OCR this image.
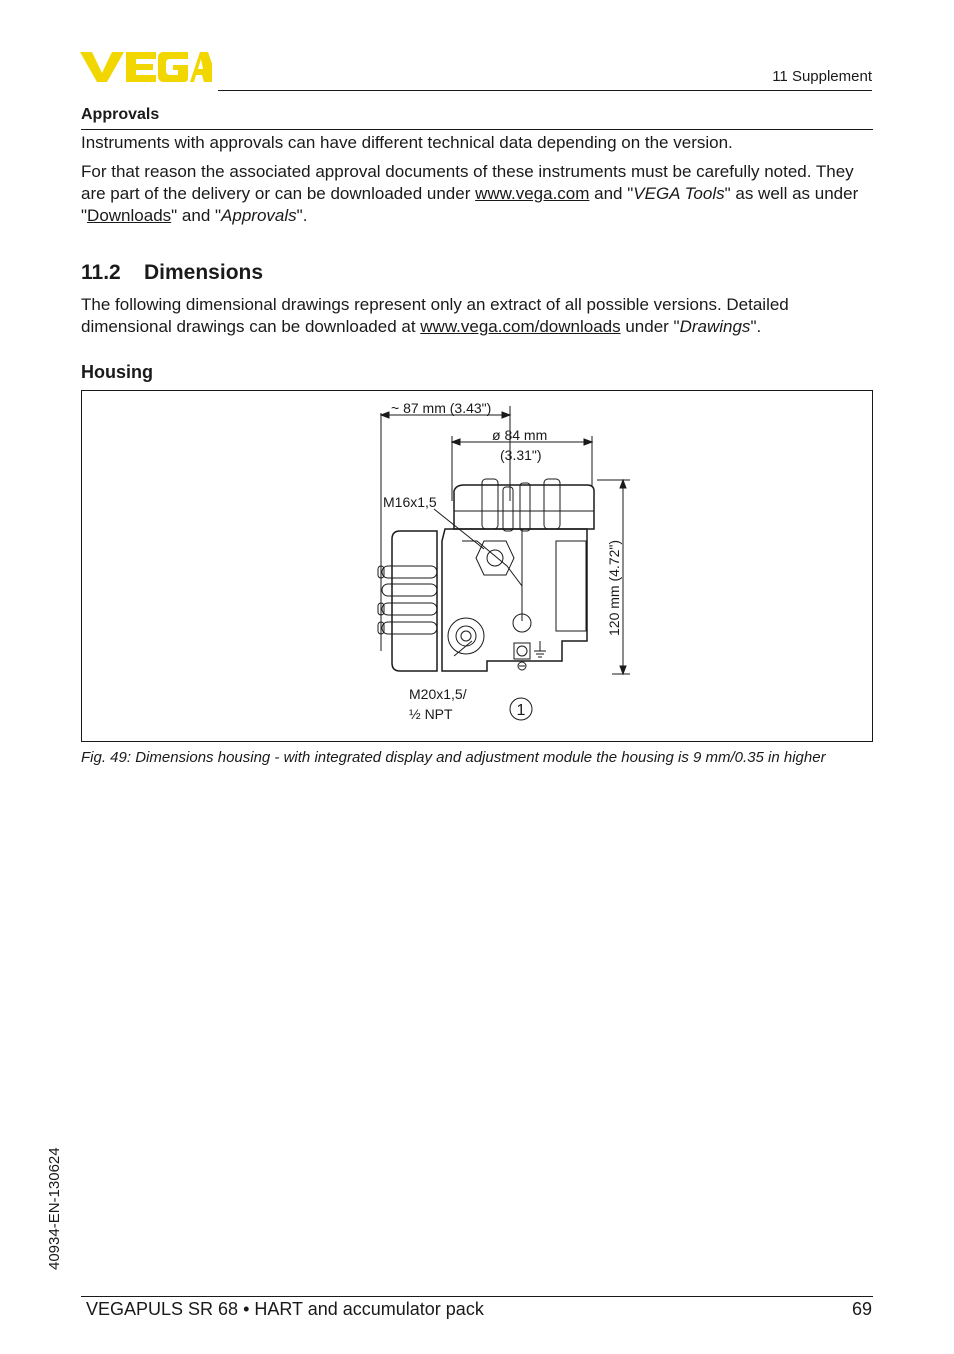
11 Supplement
Approvals
Instruments with approvals can have different technical data depending on the version.
For that reason the associated approval documents of these instruments must be carefully noted. They are part of the delivery or can be downloaded under www.vega.com and "VEGA Tools" as well as under "Downloads" and "Approvals".
11.2 Dimensions
The following dimensional drawings represent only an extract of all possible versions. Detailed dimensional drawings can be downloaded at www.vega.com/downloads under "Drawings".
Housing
~ 87 mm (3.43")
ø 84 mm
(3.31")
M16x1,5
120 mm (4.72")
M20x1,5/
½ NPT	1
Fig. 49: Dimensions housing - with integrated display and adjustment module the housing is 9 mm/0.35 in higher
40934-EN-130624
VEGAPULS SR 68 • HART and accumulator pack	69
